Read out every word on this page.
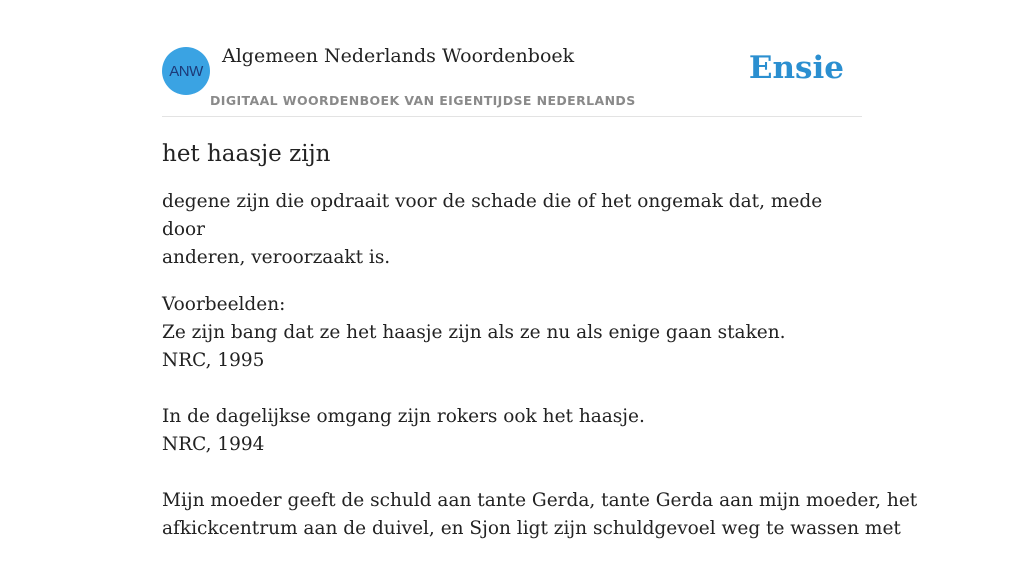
ANW
Algemeen Nederlands Woordenboek
DIGITAAL WOORDENBOEK VAN EIGENTIJDSE NEDERLANDS
Ensie
het haasje zijn

degene zijn die opdraait voor de schade die of het ongemak dat, mede door
anderen, veroorzaakt is.

Voorbeelden:
Ze zijn bang dat ze het haasje zijn als ze nu als enige gaan staken.
NRC, 1995
In de dagelijkse omgang zijn rokers ook het haasje.
NRC, 1994
Mijn moeder geeft de schuld aan tante Gerda, tante Gerda aan mijn moeder, het
afkickcentrum aan de duivel, en Sjon ligt zijn schuldgevoel weg te wassen met
